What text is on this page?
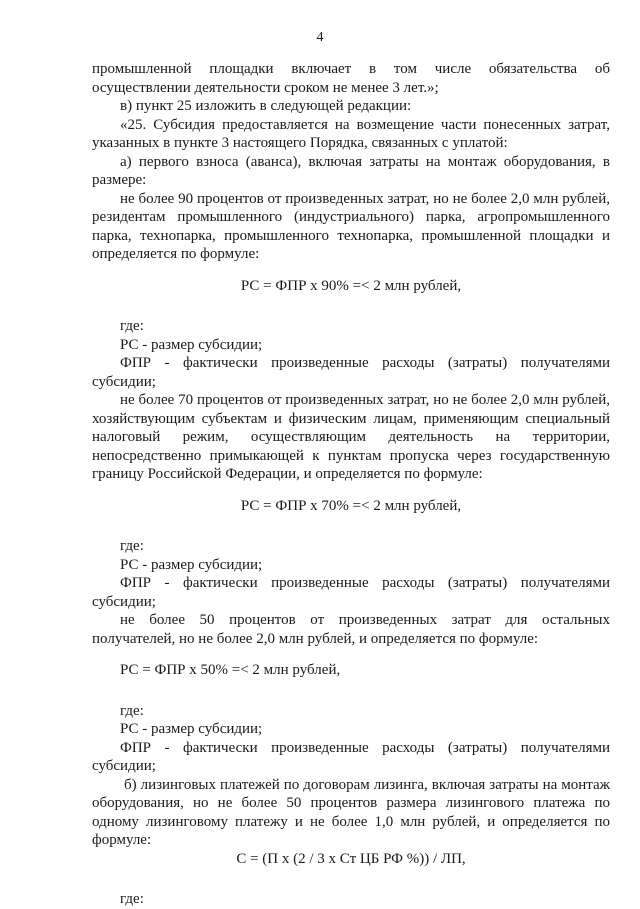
4

промышленной площадки включает в том числе обязательства об осуществлении деятельности сроком не менее 3 лет.»;

в) пункт 25 изложить в следующей редакции:

«25. Субсидия предоставляется на возмещение части понесенных затрат, указанных в пункте 3 настоящего Порядка, связанных с уплатой:

а) первого взноса (аванса), включая затраты на монтаж оборудования, в размере:

не более 90 процентов от произведенных затрат, но не более 2,0 млн рублей, резидентам промышленного (индустриального) парка, агропромышленного парка, технопарка, промышленного технопарка, промышленной площадки и определяется по формуле:

РС = ФПР х 90% =< 2 млн рублей,

где:

РС - размер субсидии;

ФПР - фактически произведенные расходы (затраты) получателями субсидии;

не более 70 процентов от произведенных затрат, но не более 2,0 млн рублей, хозяйствующим субъектам и физическим лицам, применяющим специальный налоговый режим, осуществляющим деятельность на территории, непосредственно примыкающей к пунктам пропуска через государственную границу Российской Федерации, и определяется по формуле:

РС = ФПР х 70% =< 2 млн рублей,

где:

РС - размер субсидии;

ФПР - фактически произведенные расходы (затраты) получателями субсидии;

не более 50 процентов от произведенных затрат для остальных получателей, но не более 2,0 млн рублей, и определяется по формуле:

РС = ФПР х 50% =< 2 млн рублей,

где:

РС - размер субсидии;

ФПР - фактически произведенные расходы (затраты) получателями субсидии;

б) лизинговых платежей по договорам лизинга, включая затраты на монтаж оборудования, но не более 50 процентов размера лизингового платежа по одному лизинговому платежу и не более 1,0 млн рублей, и определяется по формуле:

С = (П х (2 / 3 х Ст ЦБ РФ %)) / ЛП,

где:
